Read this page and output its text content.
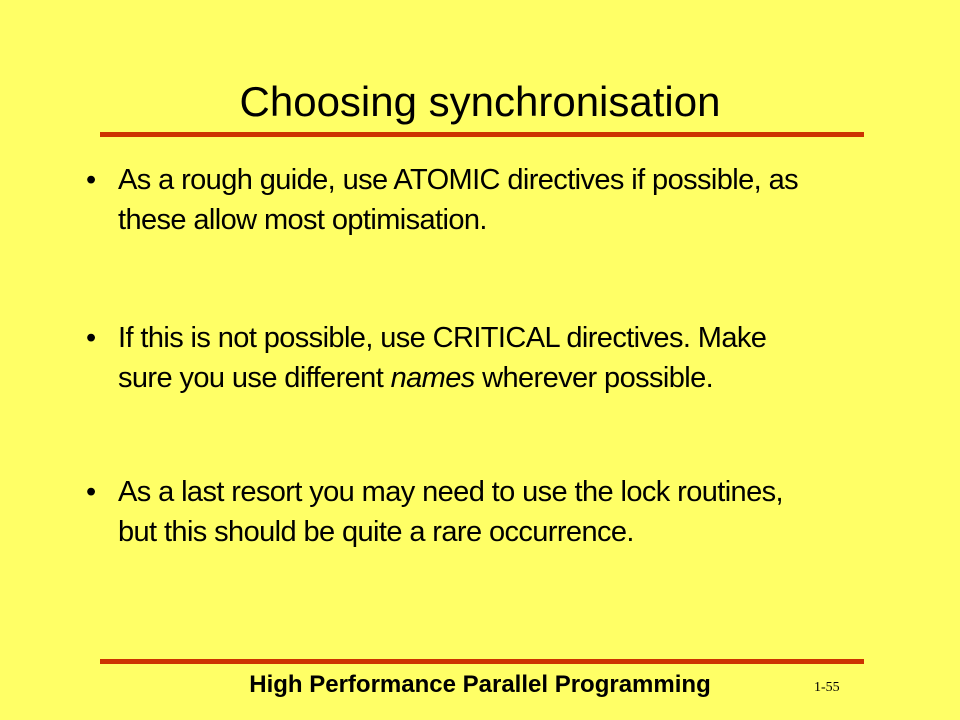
Choosing synchronisation
• As a rough guide, use ATOMIC directives if possible, as
these allow most optimisation.
• If this is not possible, use CRITICAL directives. Make
sure you use different names wherever possible.
• As a last resort you may need to use the lock routines,
but this should be quite a rare occurrence.
High Performance Parallel Programming	1-55
